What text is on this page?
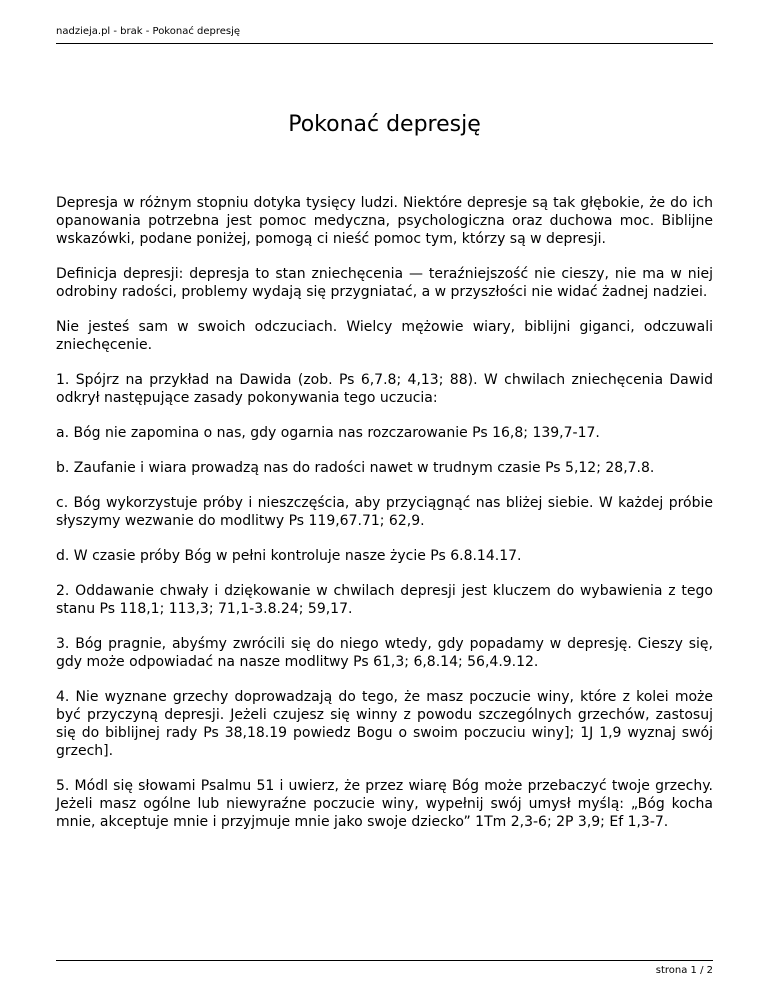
nadzieja.pl - brak - Pokonać depresję
Pokonać depresję

Depresja w różnym stopniu dotyka tysięcy ludzi. Niektóre depresje są tak głębokie, że do ich opanowania potrzebna jest pomoc medyczna, psychologiczna oraz duchowa moc. Biblijne wskazówki, podane poniżej, pomogą ci nieść pomoc tym, którzy są w depresji.

Definicja depresji: depresja to stan zniechęcenia — teraźniejszość nie cieszy, nie ma w niej odrobiny radości, problemy wydają się przygniatać, a w przyszłości nie widać żadnej nadziei.

Nie jesteś sam w swoich odczuciach. Wielcy mężowie wiary, biblijni giganci, odczuwali zniechęcenie.

1. Spójrz na przykład na Dawida (zob. Ps 6,7.8; 4,13; 88). W chwilach zniechęcenia Dawid odkrył następujące zasady pokonywania tego uczucia:

a. Bóg nie zapomina o nas, gdy ogarnia nas rozczarowanie Ps 16,8; 139,7-17.

b. Zaufanie i wiara prowadzą nas do radości nawet w trudnym czasie Ps 5,12; 28,7.8.

c. Bóg wykorzystuje próby i nieszczęścia, aby przyciągnąć nas bliżej siebie. W każdej próbie słyszymy wezwanie do modlitwy Ps 119,67.71; 62,9.

d. W czasie próby Bóg w pełni kontroluje nasze życie Ps 6.8.14.17.

2. Oddawanie chwały i dziękowanie w chwilach depresji jest kluczem do wybawienia z tego stanu Ps 118,1; 113,3; 71,1-3.8.24; 59,17.

3. Bóg pragnie, abyśmy zwrócili się do niego wtedy, gdy popadamy w depresję. Cieszy się, gdy może odpowiadać na nasze modlitwy Ps 61,3; 6,8.14; 56,4.9.12.

4. Nie wyznane grzechy doprowadzają do tego, że masz poczucie winy, które z kolei może być przyczyną depresji. Jeżeli czujesz się winny z powodu szczególnych grzechów, zastosuj się do biblijnej rady Ps 38,18.19 powiedz Bogu o swoim poczuciu winy]; 1J 1,9 wyznaj swój grzech].

5. Módl się słowami Psalmu 51 i uwierz, że przez wiarę Bóg może przebaczyć twoje grzechy. Jeżeli masz ogólne lub niewyraźne poczucie winy, wypełnij swój umysł myślą: „Bóg kocha mnie, akceptuje mnie i przyjmuje mnie jako swoje dziecko” 1Tm 2,3-6; 2P 3,9; Ef 1,3-7.

strona 1 / 2
